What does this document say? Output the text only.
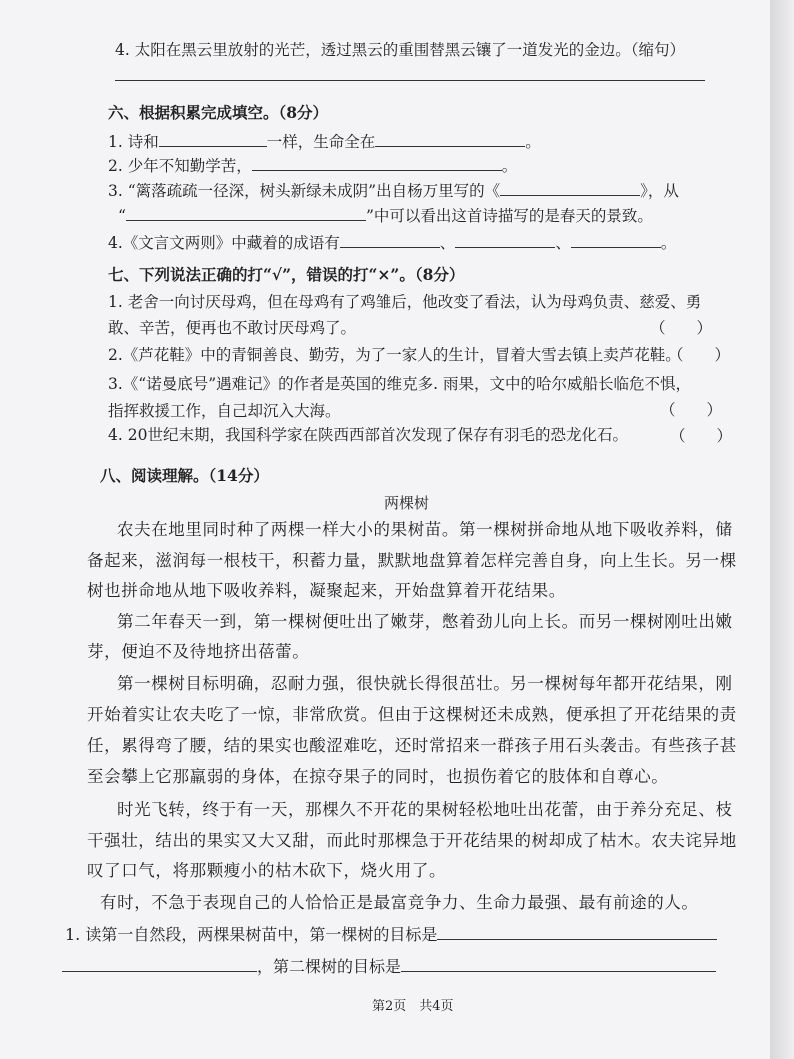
4. 太阳在黑云里放射的光芒，透过黑云的重围替黑云镶了一道发光的金边。（缩句）
六、根据积累完成填空。（8分）
1. 诗和	一样，生命全在	。
2. 少年不知勤学苦，	。
3. “篱落疏疏一径深，树头新绿未成阴”出自杨万里写的《	》，从
“	”中可以看出这首诗描写的是春天的景致。
4.《文言文两则》中藏着的成语有	、	、	。
七、下列说法正确的打“√”，错误的打“×”。（8分）
1. 老舍一向讨厌母鸡，但在母鸡有了鸡雏后，他改变了看法，认为母鸡负责、慈爱、勇
敢、辛苦，便再也不敢讨厌母鸡了。	（　　）
2.《芦花鞋》中的青铜善良、勤劳，为了一家人的生计，冒着大雪去镇上卖芦花鞋。
（　　）
3.《“诺曼底号”遇难记》的作者是英国的维克多. 雨果，文中的哈尔威船长临危不惧，
指挥救援工作，自己却沉入大海。	（　　）
4. 20世纪末期，我国科学家在陕西西部首次发现了保存有羽毛的恐龙化石。	（　　）
八、阅读理解。（14分）
两棵树
农夫在地里同时种了两棵一样大小的果树苗。第一棵树拼命地从地下吸收养料，储
备起来，滋润每一根枝干，积蓄力量，默默地盘算着怎样完善自身，向上生长。另一棵
树也拼命地从地下吸收养料，凝聚起来，开始盘算着开花结果。
第二年春天一到，第一棵树便吐出了嫩芽，憋着劲儿向上长。而另一棵树刚吐出嫩
芽，便迫不及待地挤出蓓蕾。
第一棵树目标明确，忍耐力强，很快就长得很茁壮。另一棵树每年都开花结果，刚
开始着实让农夫吃了一惊，非常欣赏。但由于这棵树还未成熟，便承担了开花结果的责
任，累得弯了腰，结的果实也酸涩难吃，还时常招来一群孩子用石头袭击。有些孩子甚
至会攀上它那羸弱的身体，在掠夺果子的同时，也损伤着它的肢体和自尊心。
时光飞转，终于有一天，那棵久不开花的果树轻松地吐出花蕾，由于养分充足、枝
干强壮，结出的果实又大又甜，而此时那棵急于开花结果的树却成了枯木。农夫诧异地
叹了口气，将那颗瘦小的枯木砍下，烧火用了。
有时，不急于表现自己的人恰恰正是最富竞争力、生命力最强、最有前途的人。
1. 读第一自然段，两棵果树苗中，第一棵树的目标是
，第二棵树的目标是
第2页　共4页
